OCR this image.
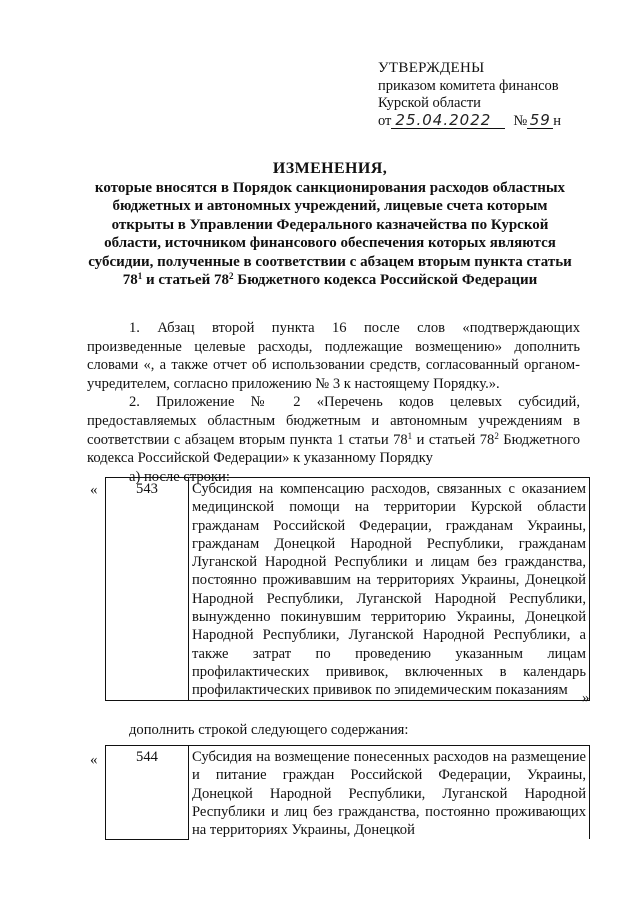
УТВЕРЖДЕНЫ
приказом комитета финансов
Курской области
от 25.04.2022	№ 59 н
ИЗМЕНЕНИЯ,
которые вносятся в Порядок санкционирования расходов областных
бюджетных и автономных учреждений, лицевые счета которым
открыты в Управлении Федерального казначейства по Курской
области, источником финансового обеспечения которых являются
субсидии, полученные в соответствии с абзацем вторым пункта статьи
$78^1$ и статьей $78^2$ Бюджетного кодекса Российской Федерации

1. Абзац второй пункта 16 после слов «подтверждающих произведенные целевые расходы, подлежащие возмещению» дополнить словами «, а также отчет об использовании средств, согласованный органом-учредителем, согласно приложению № 3 к настоящему Порядку.».

2. Приложение № 2 «Перечень кодов целевых субсидий, предоставляемых областным бюджетным и автономным учреждениям в соответствии с абзацем вторым пункта 1 статьи $78^1$ и статьей $78^2$ Бюджетного кодекса Российской Федерации» к указанному Порядку

а) после строки:

«	543	Субсидия на компенсацию расходов, связанных с оказанием медицинской помощи на территории Курской области гражданам Российской Федерации, гражданам Украины, гражданам Донецкой Народной Республики, гражданам Луганской Народной Республики и лицам без гражданства, постоянно проживавшим на территориях Украины, Донецкой Народной Республики, Луганской Народной Республики, вынужденно покинувшим территорию Украины, Донецкой Народной Республики, Луганской Народной Республики, а также затрат по проведению указанным лицам профилактических прививок, включенных в календарь профилактических прививок по эпидемическим показаниям »
дополнить строкой следующего содержания:
«	544	Субсидия на возмещение понесенных расходов на размещение и питание граждан Российской Федерации, Украины, Донецкой Народной Республики, Луганской Народной Республики и лиц без гражданства, постоянно проживающих на территориях Украины, Донецкой
